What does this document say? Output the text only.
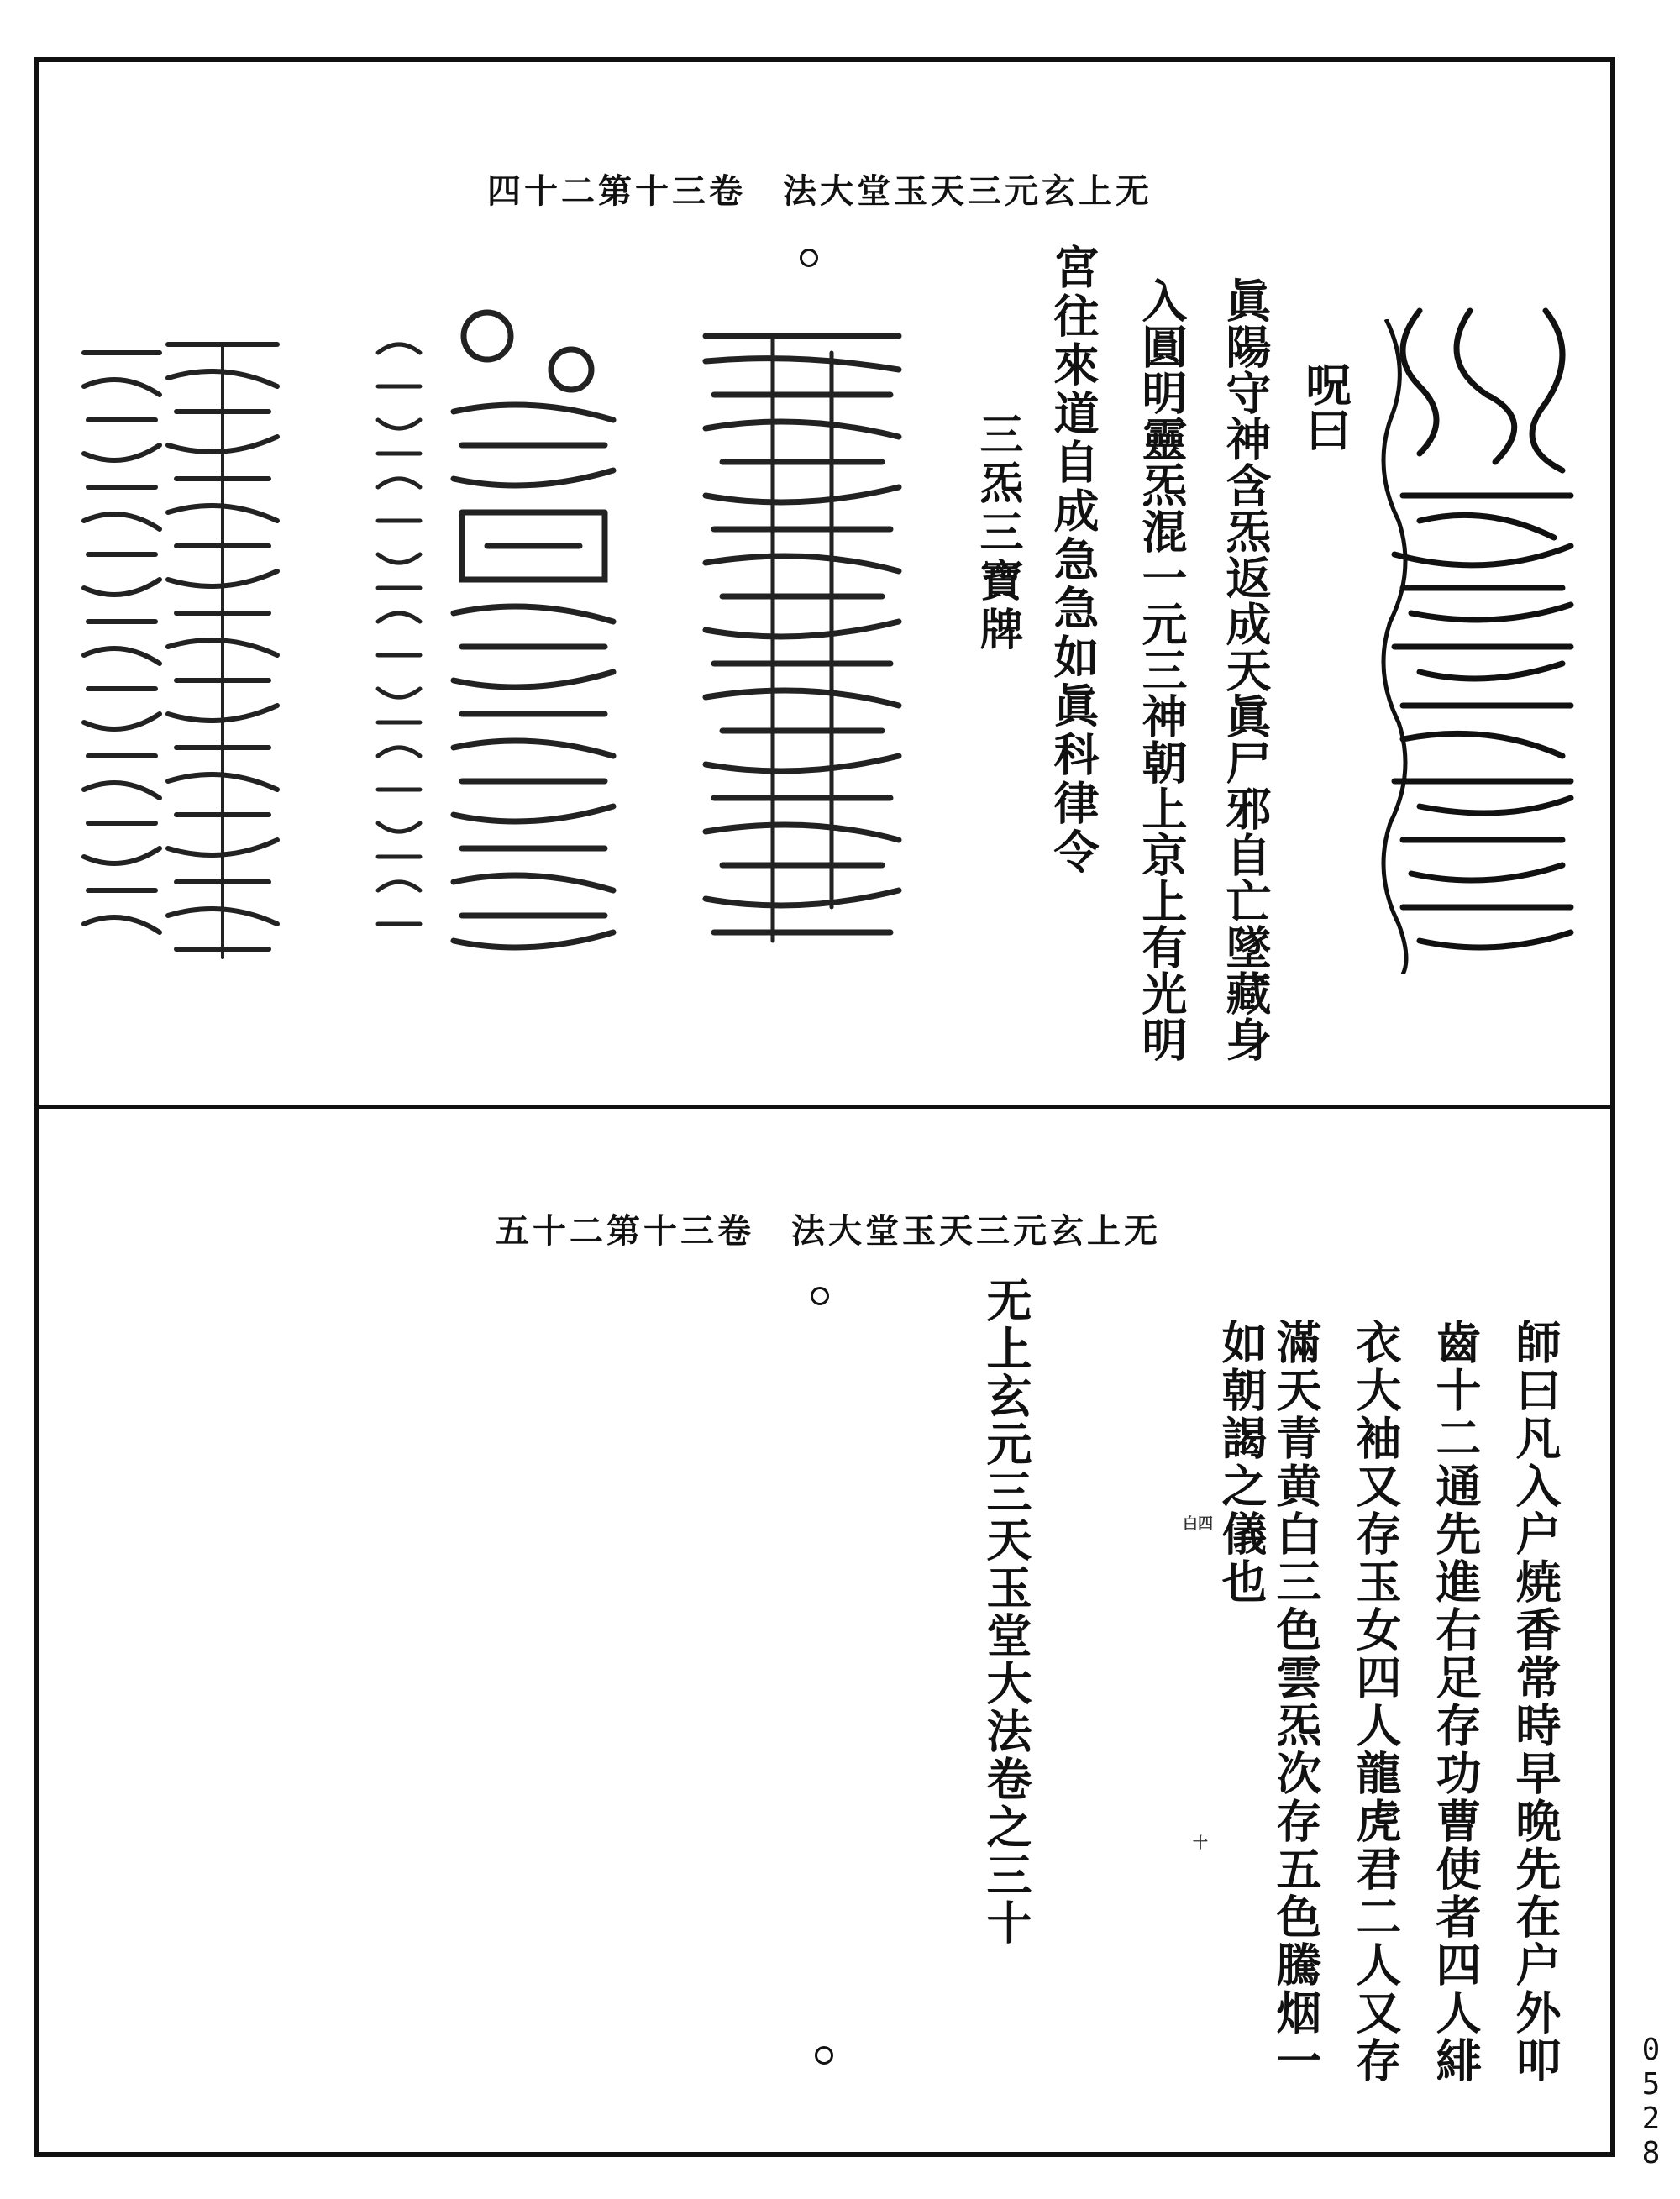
四十二第十三卷　法大堂玉天三元玄上无
呪曰
眞陽守神含炁返成天眞尸邪自亡墜藏身
入圓明靈炁混一元三神朝上京上有光明
宮往來道自成急急如眞科律令
三炁三寶牌
五十二第十三卷　法大堂玉天三元玄上无
師曰凡入户焼香常時早晩先在户外叩
齒十二通先進右足存功曹使者四人緋
衣大袖又存玉女四人龍虎君二人又存
滿天青黄白三色雲炁次存五色騰烟一
如朝謁之儀也
白四
十
无上玄元三天玉堂大法卷之三十
0528
